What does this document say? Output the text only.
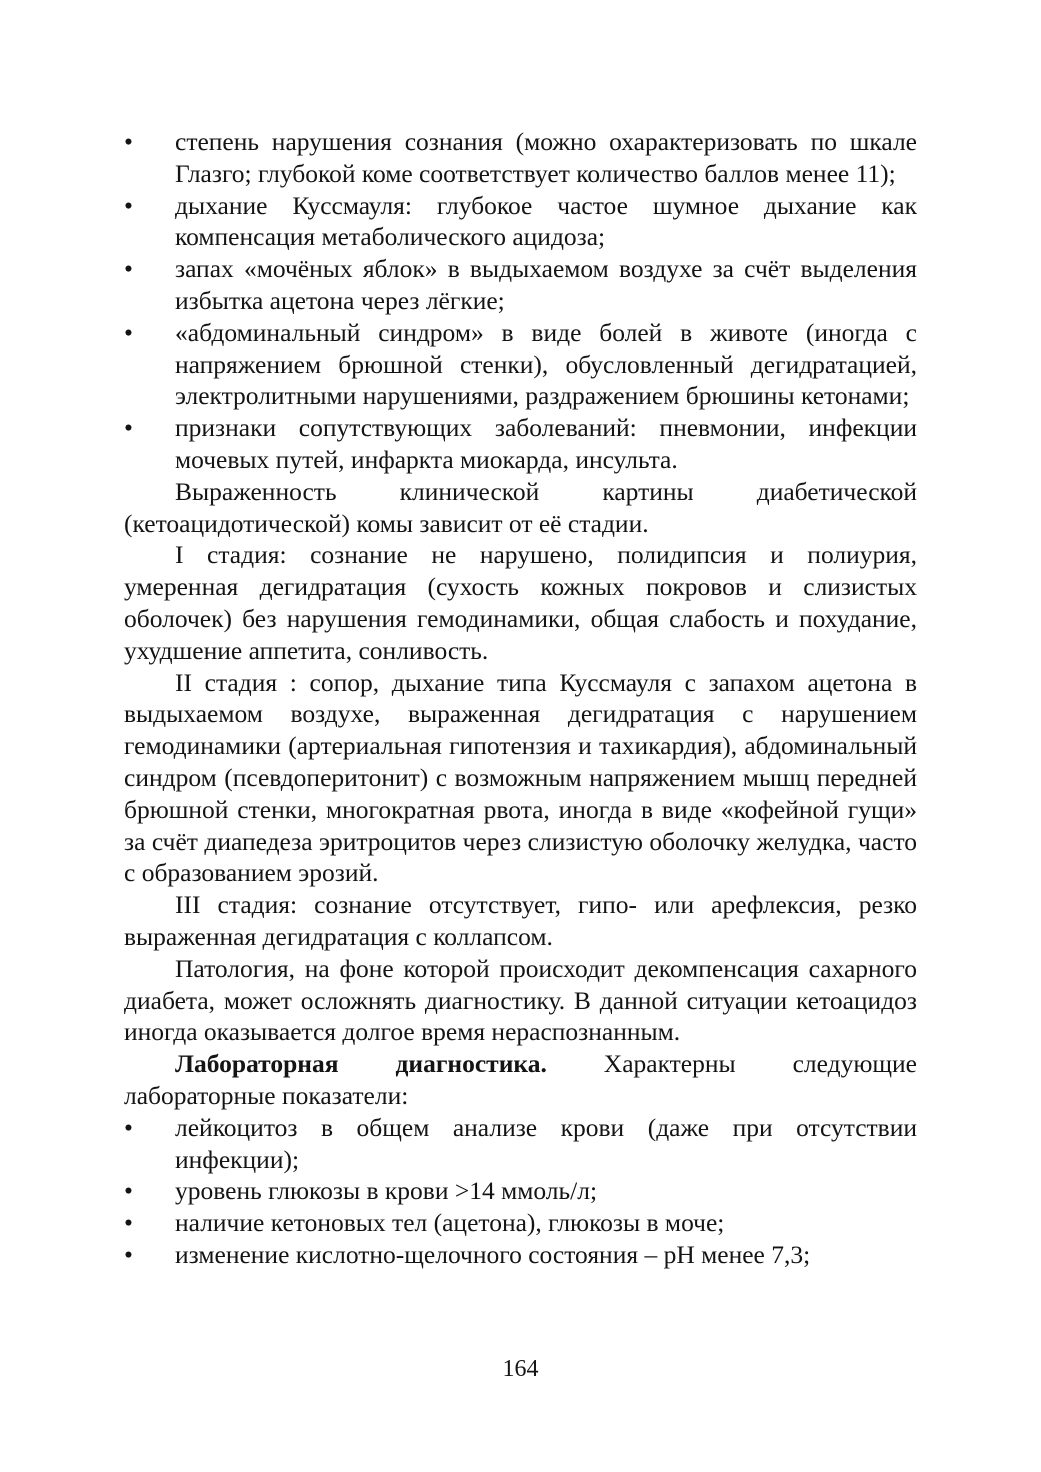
• степень нарушения сознания (можно охарактеризовать по шкале Глазго; глубокой коме соответствует количество баллов менее 11);
• дыхание Куссмауля: глубокое частое шумное дыхание как компенсация метаболического ацидоза;
• запах «мочёных яблок» в выдыхаемом воздухе за счёт выделения избытка ацетона через лёгкие;
• «абдоминальный синдром» в виде болей в животе (иногда с напряжением брюшной стенки), обусловленный дегидратацией, электролитными нарушениями, раздражением брюшины кетонами;
• признаки сопутствующих заболеваний: пневмонии, инфекции мочевых путей, инфаркта миокарда, инсульта.

Выраженность клинической картины диабетической (кетоацидотической) комы зависит от её стадии.

I стадия: сознание не нарушено, полидипсия и полиурия, умеренная дегидратация (сухость кожных покровов и слизистых оболочек) без нарушения гемодинамики, общая слабость и похудание, ухудшение аппетита, сонливость.

II стадия : сопор, дыхание типа Куссмауля с запахом ацетона в выдыхаемом воздухе, выраженная дегидратация с нарушением гемодинамики (артериальная гипотензия и тахикардия), абдоминальный синдром (псевдоперитонит) с возможным напряжением мышц передней брюшной стенки, многократная рвота, иногда в виде «кофейной гущи» за счёт диапедеза эритроцитов через слизистую оболочку желудка, часто с образованием эрозий.

III стадия: сознание отсутствует, гипо- или арефлексия, резко выраженная дегидратация с коллапсом.

Патология, на фоне которой происходит декомпенсация сахарного диабета, может осложнять диагностику. В данной ситуации кетоацидоз иногда оказывается долгое время нераспознанным.

Лабораторная диагностика. Характерны следующие

лабораторные показатели:

• лейкоцитоз в общем анализе крови (даже при отсутствии инфекции);
• уровень глюкозы в крови >14 ммоль/л;
• наличие кетоновых тел (ацетона), глюкозы в моче;
• изменение кислотно-щелочного состояния – pH менее 7,3;
164
